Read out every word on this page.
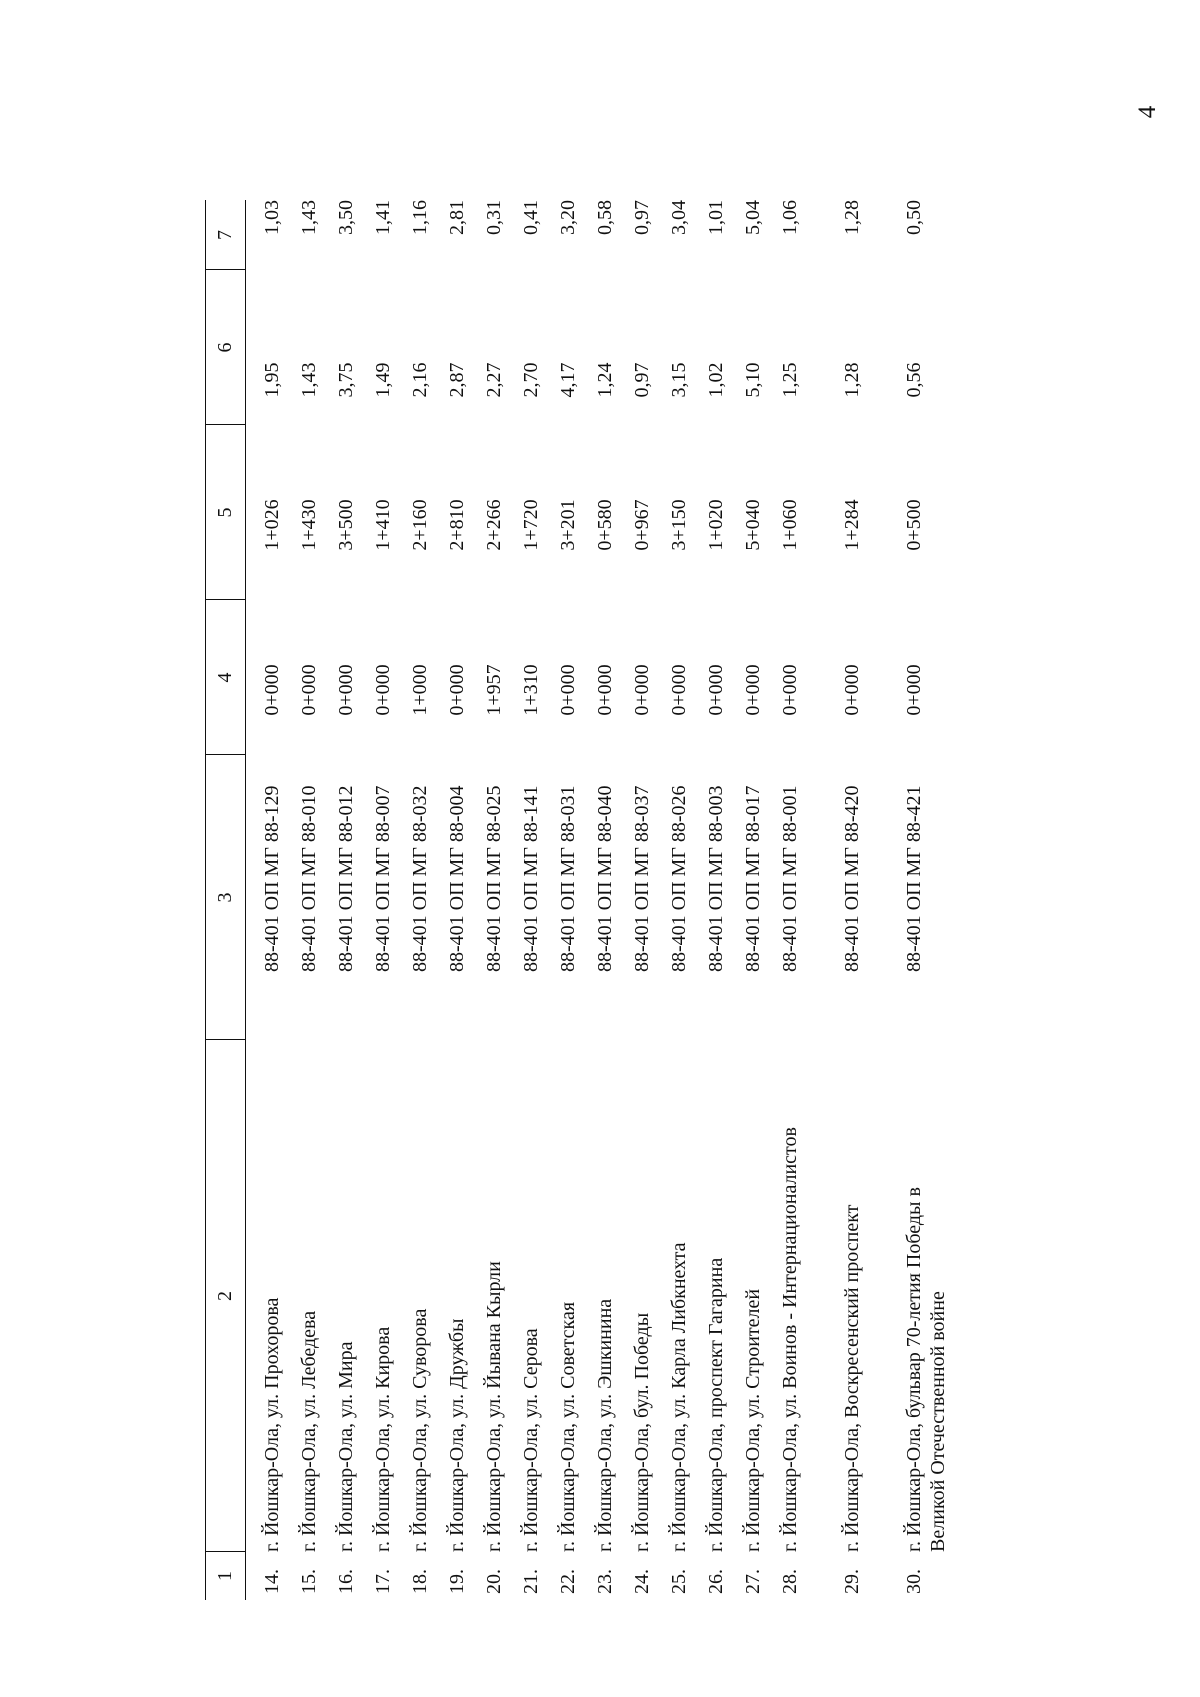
4
1
2
3
4
5
6
7
14.
г. Йошкар-Ола, ул. Прохорова
88-401 ОП МГ 88-129
0+000
1+026
1,95
1,03
15.
г. Йошкар-Ола, ул. Лебедева
88-401 ОП МГ 88-010
0+000
1+430
1,43
1,43
16.
г. Йошкар-Ола, ул. Мира
88-401 ОП МГ 88-012
0+000
3+500
3,75
3,50
17.
г. Йошкар-Ола, ул. Кирова
88-401 ОП МГ 88-007
0+000
1+410
1,49
1,41
18.
г. Йошкар-Ола, ул. Суворова
88-401 ОП МГ 88-032
1+000
2+160
2,16
1,16
19.
г. Йошкар-Ола, ул. Дружбы
88-401 ОП МГ 88-004
0+000
2+810
2,87
2,81
20.
г. Йошкар-Ола, ул. Йывана Кырли
88-401 ОП МГ 88-025
1+957
2+266
2,27
0,31
21.
г. Йошкар-Ола, ул. Серова
88-401 ОП МГ 88-141
1+310
1+720
2,70
0,41
22.
г. Йошкар-Ола, ул. Советская
88-401 ОП МГ 88-031
0+000
3+201
4,17
3,20
23.
г. Йошкар-Ола, ул. Эшкинина
88-401 ОП МГ 88-040
0+000
0+580
1,24
0,58
24.
г. Йошкар-Ола, бул. Победы
88-401 ОП МГ 88-037
0+000
0+967
0,97
0,97
25.
г. Йошкар-Ола, ул. Карла Либкнехта
88-401 ОП МГ 88-026
0+000
3+150
3,15
3,04
26.
г. Йошкар-Ола, проспект Гагарина
88-401 ОП МГ 88-003
0+000
1+020
1,02
1,01
27.
г. Йошкар-Ола, ул. Строителей
88-401 ОП МГ 88-017
0+000
5+040
5,10
5,04
28.
г. Йошкар-Ола, ул. Воинов - Интернационалистов
88-401 ОП МГ 88-001
0+000
1+060
1,25
1,06
29.
г. Йошкар-Ола, Воскресенский проспект
88-401 ОП МГ 88-420
0+000
1+284
1,28
1,28
30.
г. Йошкар-Ола, бульвар 70-летия Победы в Великой Отечественной войне
88-401 ОП МГ 88-421
0+000
0+500
0,56
0,50
